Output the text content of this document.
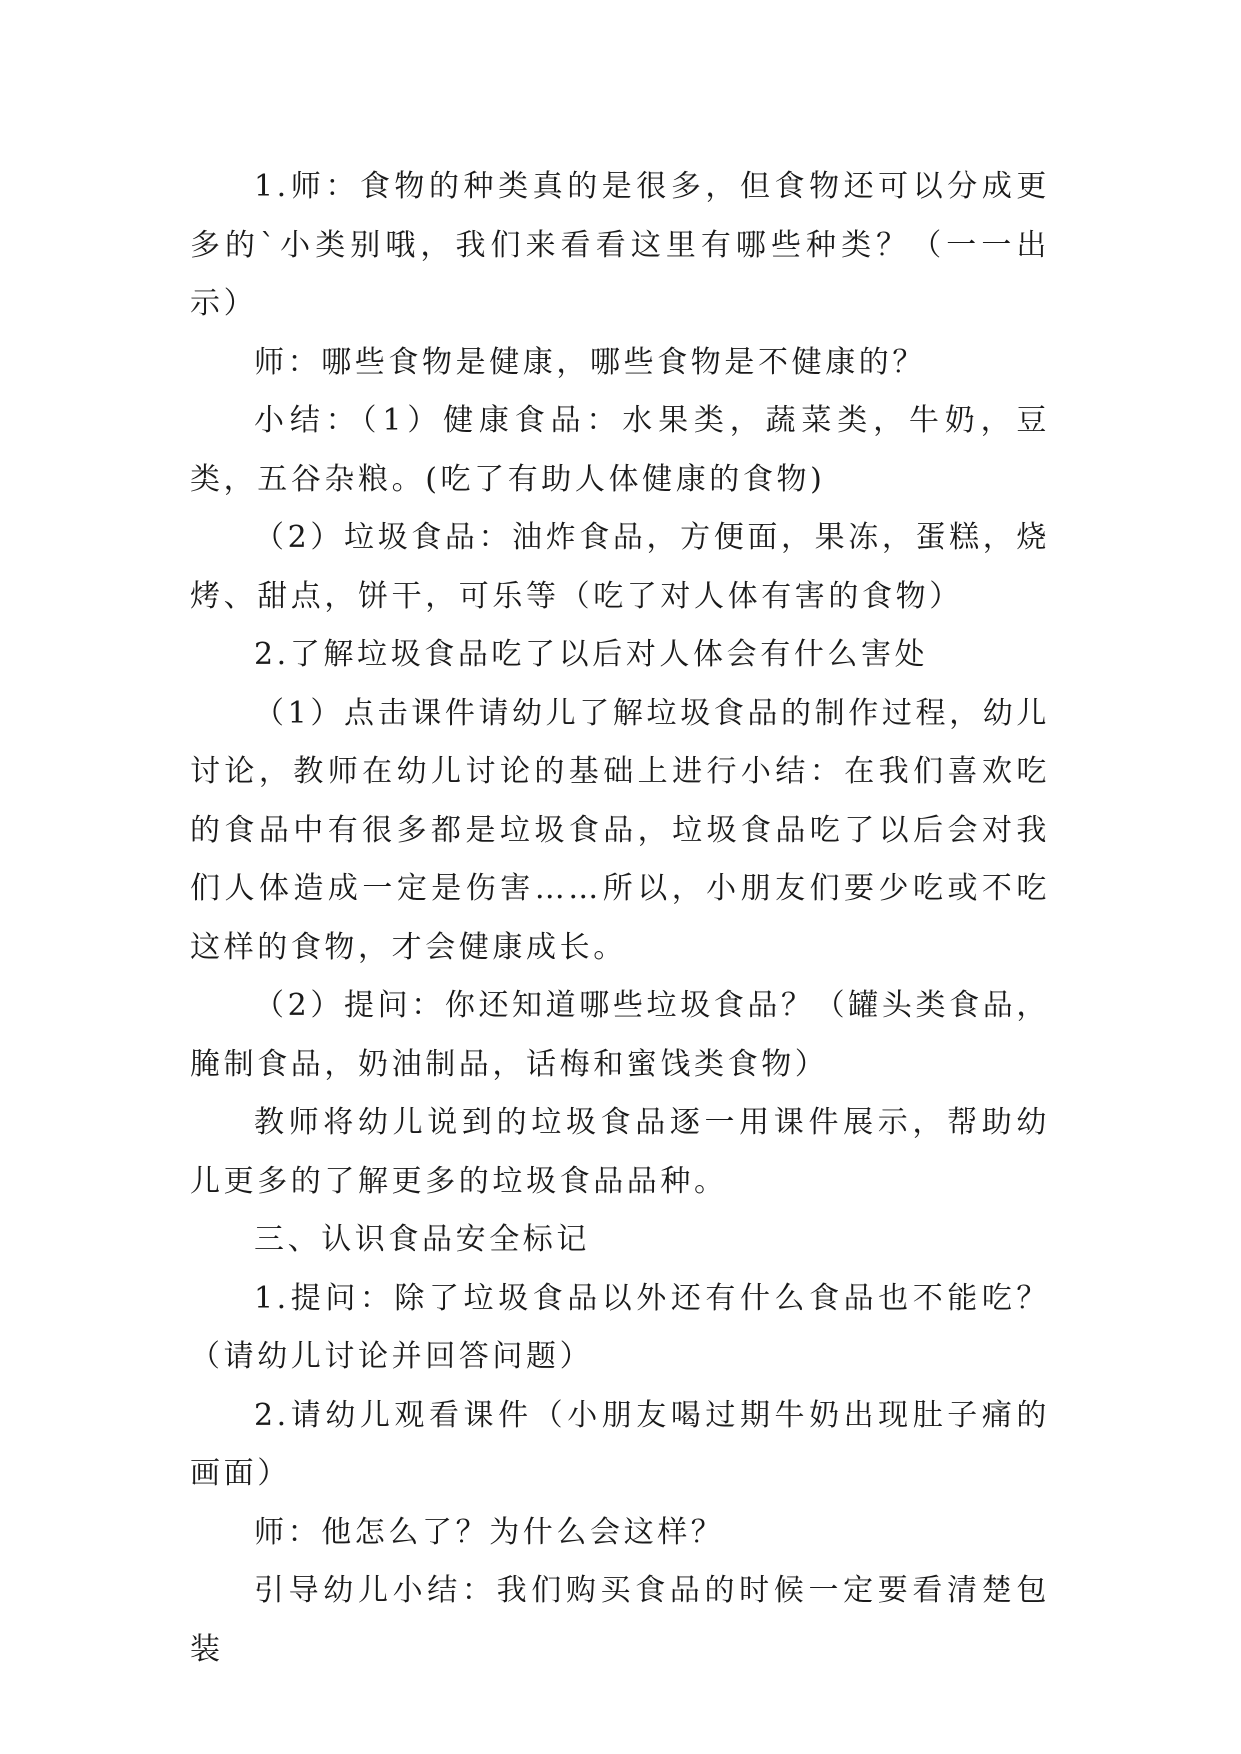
1.师：食物的种类真的是很多，但食物还可以分成更多的`小类别哦，我们来看看这里有哪些种类？（一一出示）

师：哪些食物是健康，哪些食物是不健康的？

小结：（1）健康食品：水果类，蔬菜类，牛奶，豆类，五谷杂粮。(吃了有助人体健康的食物)

（2）垃圾食品：油炸食品，方便面，果冻，蛋糕，烧烤、甜点，饼干，可乐等（吃了对人体有害的食物）

2.了解垃圾食品吃了以后对人体会有什么害处

（1）点击课件请幼儿了解垃圾食品的制作过程，幼儿讨论，教师在幼儿讨论的基础上进行小结：在我们喜欢吃的食品中有很多都是垃圾食品，垃圾食品吃了以后会对我们人体造成一定是伤害……所以，小朋友们要少吃或不吃这样的食物，才会健康成长。

（2）提问：你还知道哪些垃圾食品？（罐头类食品，腌制食品，奶油制品，话梅和蜜饯类食物）

教师将幼儿说到的垃圾食品逐一用课件展示，帮助幼儿更多的了解更多的垃圾食品品种。

三、认识食品安全标记

1.提问：除了垃圾食品以外还有什么食品也不能吃？（请幼儿讨论并回答问题）

2.请幼儿观看课件（小朋友喝过期牛奶出现肚子痛的画面）

师：他怎么了？为什么会这样？

引导幼儿小结：我们购买食品的时候一定要看清楚包装
